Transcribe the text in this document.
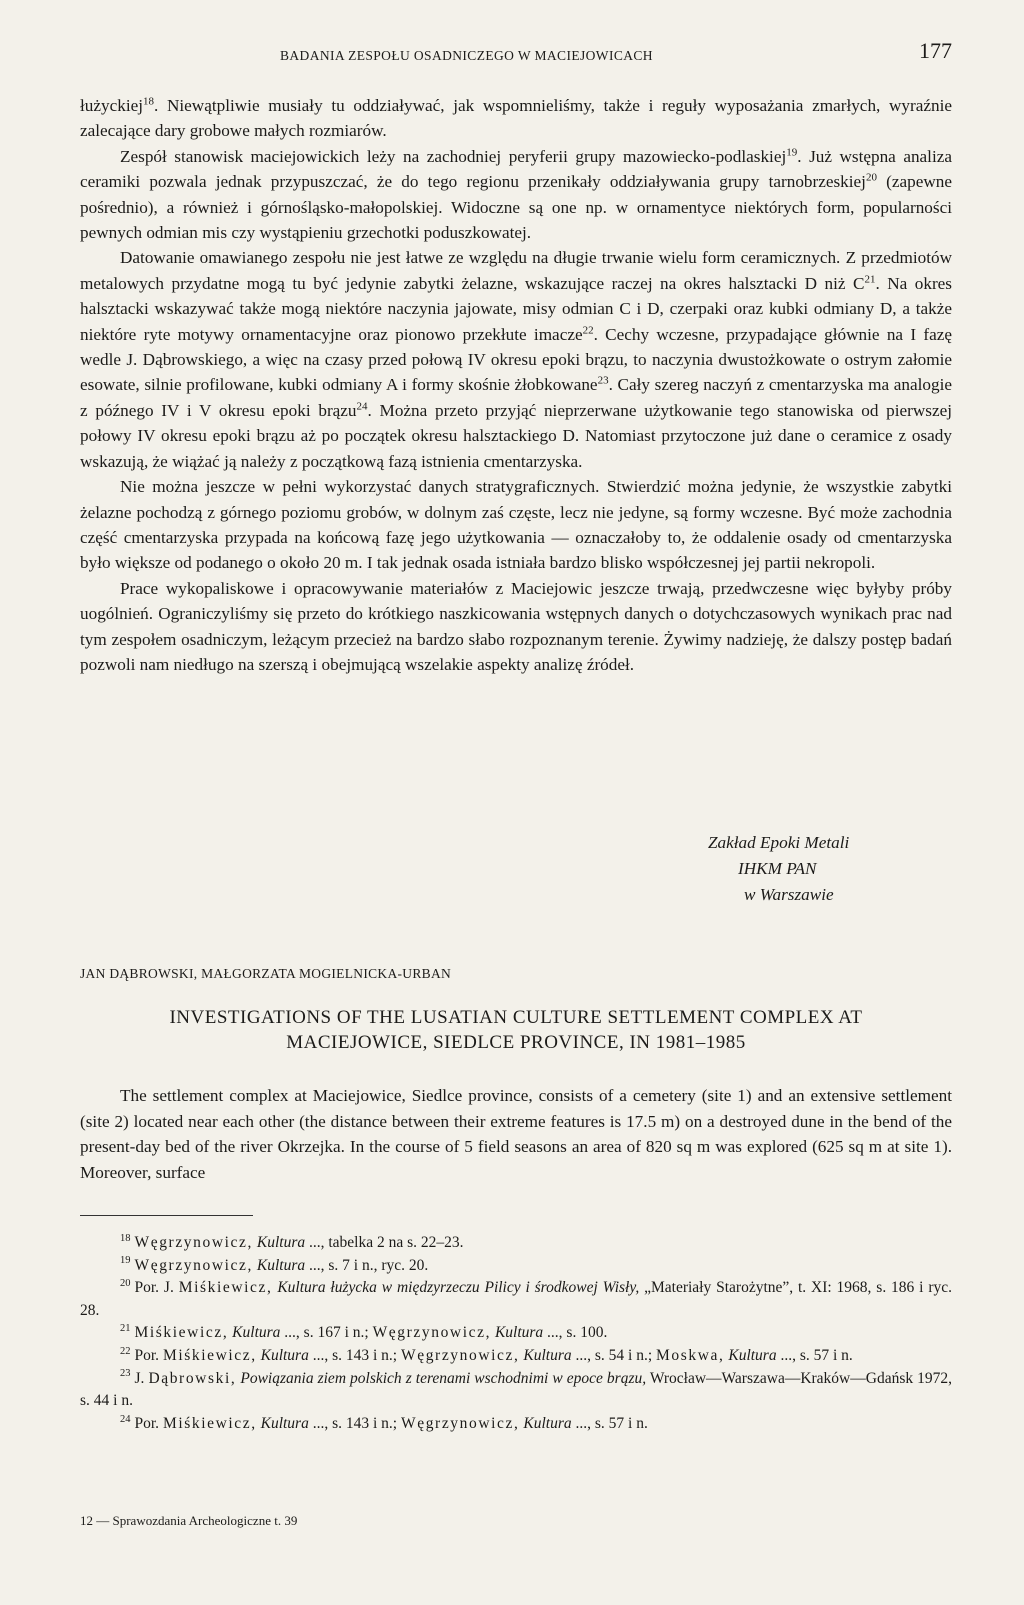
BADANIA ZESPOŁU OSADNICZEGO W MACIEJOWICACH	177

łużyckiej$^{18}$. Niewątpliwie musiały tu oddziaływać, jak wspomnieliśmy, także i reguły wyposażania zmarłych, wyraźnie zalecające dary grobowe małych rozmiarów.

Zespół stanowisk maciejowickich leży na zachodniej peryferii grupy mazowiecko-podlaskiej$^{19}$. Już wstępna analiza ceramiki pozwala jednak przypuszczać, że do tego regionu przenikały oddziaływania grupy tarnobrzeskiej$^{20}$ (zapewne pośrednio), a również i górnośląsko-małopolskiej. Widoczne są one np. w ornamentyce niektórych form, popularności pewnych odmian mis czy wystąpieniu grzechotki poduszkowatej.

Datowanie omawianego zespołu nie jest łatwe ze względu na długie trwanie wielu form ceramicznych. Z przedmiotów metalowych przydatne mogą tu być jedynie zabytki żelazne, wskazujące raczej na okres halsztacki D niż C$^{21}$. Na okres halsztacki wskazywać także mogą niektóre naczynia jajowate, misy odmian C i D, czerpaki oraz kubki odmiany D, a także niektóre ryte motywy ornamentacyjne oraz pionowo przekłute imacze$^{22}$. Cechy wczesne, przypadające głównie na I fazę wedle J. Dąbrowskiego, a więc na czasy przed połową IV okresu epoki brązu, to naczynia dwustożkowate o ostrym załomie esowate, silnie profilowane, kubki odmiany A i formy skośnie żłobkowane$^{23}$. Cały szereg naczyń z cmentarzyska ma analogie z późnego IV i V okresu epoki brązu$^{24}$. Można przeto przyjąć nieprzerwane użytkowanie tego stanowiska od pierwszej połowy IV okresu epoki brązu aż po początek okresu halsztackiego D. Natomiast przytoczone już dane o ceramice z osady wskazują, że wiążać ją należy z początkową fazą istnienia cmentarzyska.

Nie można jeszcze w pełni wykorzystać danych stratygraficznych. Stwierdzić można jedynie, że wszystkie zabytki żelazne pochodzą z górnego poziomu grobów, w dolnym zaś częste, lecz nie jedyne, są formy wczesne. Być może zachodnia część cmentarzyska przypada na końcową fazę jego użytkowania — oznaczałoby to, że oddalenie osady od cmentarzyska było większe od podanego o około 20 m. I tak jednak osada istniała bardzo blisko współczesnej jej partii nekropoli.

Prace wykopaliskowe i opracowywanie materiałów z Maciejowic jeszcze trwają, przedwczesne więc byłyby próby uogólnień. Ograniczyliśmy się przeto do krótkiego naszkicowania wstępnych danych o dotychczasowych wynikach prac nad tym zespołem osadniczym, leżącym przecież na bardzo słabo rozpoznanym terenie. Żywimy nadzieję, że dalszy postęp badań pozwoli nam niedługo na szerszą i obejmującą wszelakie aspekty analizę źródeł.

Zakład Epoki Metali
IHKM PAN
w Warszawie
JAN DĄBROWSKI, MAŁGORZATA MOGIELNICKA-URBAN
INVESTIGATIONS OF THE LUSATIAN CULTURE SETTLEMENT COMPLEX AT
MACIEJOWICE, SIEDLCE PROVINCE, IN 1981–1985

The settlement complex at Maciejowice, Siedlce province, consists of a cemetery (site 1) and an extensive settlement (site 2) located near each other (the distance between their extreme features is 17.5 m) on a destroyed dune in the bend of the present-day bed of the river Okrzejka. In the course of 5 field seasons an area of 820 sq m was explored (625 sq m at site 1). Moreover, surface

$^{18}$ Węgrzynowicz, Kultura ..., tabelka 2 na s. 22–23.

$^{19}$ Węgrzynowicz, Kultura ..., s. 7 i n., ryc. 20.

$^{20}$ Por. J. Miśkiewicz, Kultura łużycka w międzyrzeczu Pilicy i środkowej Wisły, „Materiały Starożytne”, t. XI: 1968, s. 186 i ryc. 28.

$^{21}$ Miśkiewicz, Kultura ..., s. 167 i n.; Węgrzynowicz, Kultura ..., s. 100.

$^{22}$ Por. Miśkiewicz, Kultura ..., s. 143 i n.; Węgrzynowicz, Kultura ..., s. 54 i n.; Moskwa, Kultura ..., s. 57 i n.

$^{23}$ J. Dąbrowski, Powiązania ziem polskich z terenami wschodnimi w epoce brązu, Wrocław—Warszawa—Kraków—Gdańsk 1972, s. 44 i n.

$^{24}$ Por. Miśkiewicz, Kultura ..., s. 143 i n.; Węgrzynowicz, Kultura ..., s. 57 i n.

12 — Sprawozdania Archeologiczne t. 39
